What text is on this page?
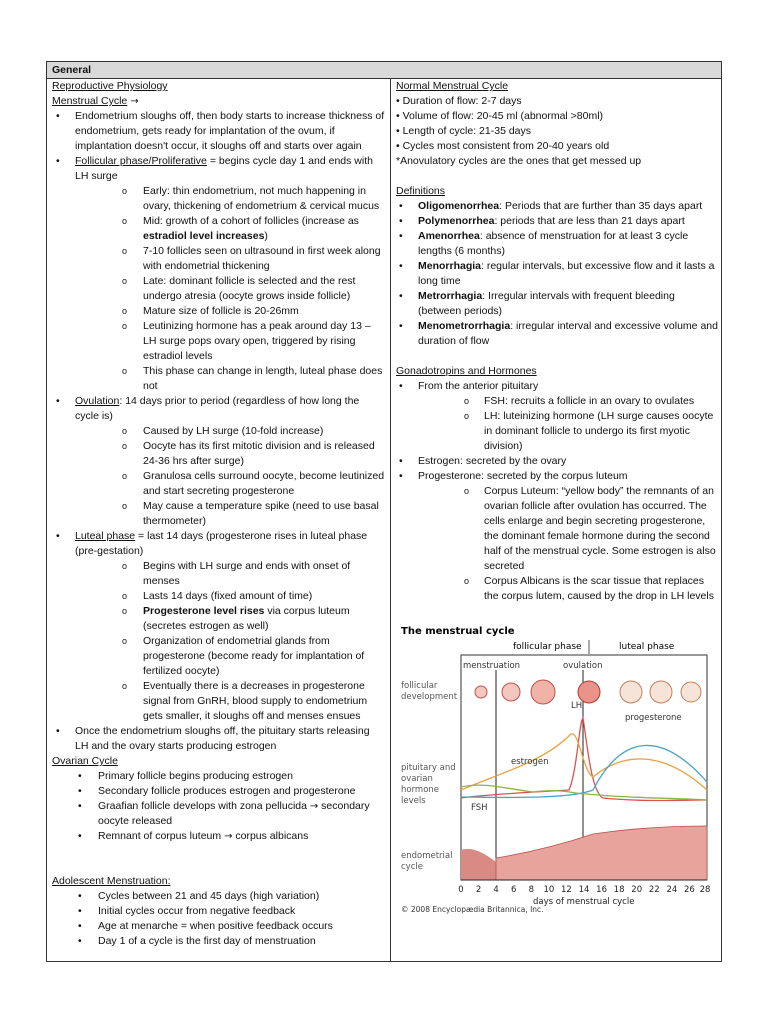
General

Reproductive Physiology

Menstrual Cycle →

• Endometrium sloughs off, then body starts to increase thickness of endometrium, gets ready for implantation of the ovum, if implantation doesn't occur, it sloughs off and starts over again
• Follicular phase/Proliferative = begins cycle day 1 and ends with LH surge
o Early: thin endometrium, not much happening in ovary, thickening of endometrium & cervical mucus
o Mid: growth of a cohort of follicles (increase as estradiol level increases)
o 7-10 follicles seen on ultrasound in first week along with endometrial thickening
o Late: dominant follicle is selected and the rest undergo atresia (oocyte grows inside follicle)
o Mature size of follicle is 20-26mm
o Leutinizing hormone has a peak around day 13 – LH surge pops ovary open, triggered by rising estradiol levels
o This phase can change in length, luteal phase does not
• Ovulation: 14 days prior to period (regardless of how long the cycle is)
o Caused by LH surge (10-fold increase)
o Oocyte has its first mitotic division and is released 24-36 hrs after surge)
o Granulosa cells surround oocyte, become leutinized and start secreting progesterone
o May cause a temperature spike (need to use basal thermometer)
• Luteal phase = last 14 days (progesterone rises in luteal phase (pre-gestation)
o Begins with LH surge and ends with onset of menses
o Lasts 14 days (fixed amount of time)
o Progesterone level rises via corpus luteum (secretes estrogen as well)
o Organization of endometrial glands from progesterone (become ready for implantation of fertilized oocyte)
o Eventually there is a decreases in progesterone signal from GnRH, blood supply to endometrium gets smaller, it sloughs off and menses ensues
• Once the endometrium sloughs off, the pituitary starts releasing LH and the ovary starts producing estrogen

Ovarian Cycle

• Primary follicle begins producing estrogen
• Secondary follicle produces estrogen and progesterone
• Graafian follicle develops with zona pellucida → secondary oocyte released
• Remnant of corpus luteum → corpus albicans

Adolescent Menstruation:

• Cycles between 21 and 45 days (high variation)
• Initial cycles occur from negative feedback
• Age at menarche = when positive feedback occurs
• Day 1 of a cycle is the first day of menstruation

Normal Menstrual Cycle

• Duration of flow: 2-7 days

• Volume of flow: 20-45 ml (abnormal >80ml)

• Length of cycle: 21-35 days

• Cycles most consistent from 20-40 years old

*Anovulatory cycles are the ones that get messed up

Definitions

• Oligomenorrhea: Periods that are further than 35 days apart
• Polymenorrhea: periods that are less than 21 days apart
• Amenorrhea: absence of menstruation for at least 3 cycle lengths (6 months)
• Menorrhagia: regular intervals, but excessive flow and it lasts a long time
• Metrorrhagia: Irregular intervals with frequent bleeding (between periods)
• Menometrorrhagia: irregular interval and excessive volume and duration of flow

Gonadotropins and Hormones

• From the anterior pituitary
o FSH: recruits a follicle in an ovary to ovulates
o LH: luteinizing hormone (LH surge causes oocyte in dominant follicle to undergo its first myotic division)
• Estrogen: secreted by the ovary
• Progesterone: secreted by the corpus luteum
o Corpus Luteum: “yellow body” the remnants of an ovarian follicle after ovulation has occurred. The cells enlarge and begin secreting progesterone, the dominant female hormone during the second half of the menstrual cycle. Some estrogen is also secreted
o Corpus Albicans is the scar tissue that replaces the corpus lutem, caused by the drop in LH levels
The menstrual cycle
follicular phase	luteal phase
menstruation	ovulation
follicular
development
pituitary and
ovarian
hormone
levels
LH
progesterone
estrogen
FSH
endometrial
cycle
0 2 4 6 8 10 12 14 16 18 20 22 24 26 28
days of menstrual cycle
© 2008 Encyclopædia Britannica, Inc.
